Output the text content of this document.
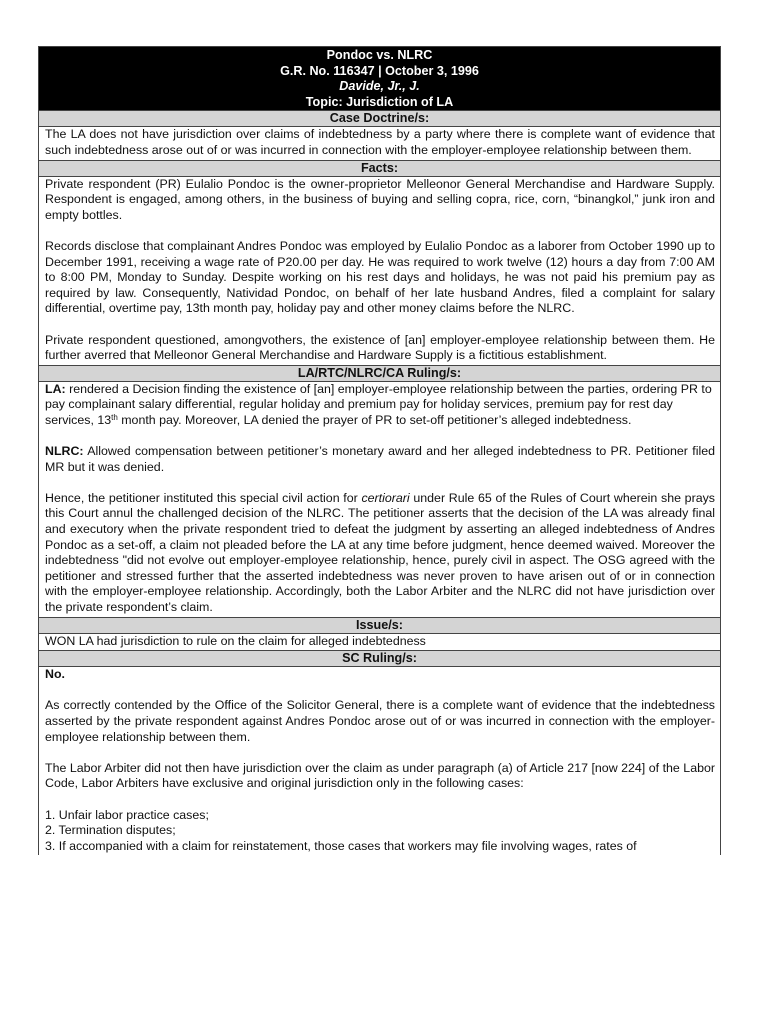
Pondoc vs. NLRC
G.R. No. 116347 | October 3, 1996
Davide, Jr., J.
Topic: Jurisdiction of LA
Case Doctrine/s:

The LA does not have jurisdiction over claims of indebtedness by a party where there is complete want of evidence that such indebtedness arose out of or was incurred in connection with the employer-employee relationship between them.

Facts:

Private respondent (PR) Eulalio Pondoc is the owner-proprietor Melleonor General Merchandise and Hardware Supply. Respondent is engaged, among others, in the business of buying and selling copra, rice, corn, “binangkol,” junk iron and empty bottles.

Records disclose that complainant Andres Pondoc was employed by Eulalio Pondoc as a laborer from October 1990 up to December 1991, receiving a wage rate of P20.00 per day. He was required to work twelve (12) hours a day from 7:00 AM to 8:00 PM, Monday to Sunday. Despite working on his rest days and holidays, he was not paid his premium pay as required by law. Consequently, Natividad Pondoc, on behalf of her late husband Andres, filed a complaint for salary differential, overtime pay, 13th month pay, holiday pay and other money claims before the NLRC.

Private respondent questioned, amongvothers, the existence of [an] employer-employee relationship between them. He further averred that Melleonor General Merchandise and Hardware Supply is a fictitious establishment.

LA/RTC/NLRC/CA Ruling/s:

LA: rendered a Decision finding the existence of [an] employer-employee relationship between the parties, ordering PR to pay complainant salary differential, regular holiday and premium pay for holiday services, premium pay for rest day services, 13th month pay. Moreover, LA denied the prayer of PR to set-off petitioner’s alleged indebtedness.

NLRC: Allowed compensation between petitioner’s monetary award and her alleged indebtedness to PR. Petitioner filed MR but it was denied.

Hence, the petitioner instituted this special civil action for certiorari under Rule 65 of the Rules of Court wherein she prays this Court annul the challenged decision of the NLRC. The petitioner asserts that the decision of the LA was already final and executory when the private respondent tried to defeat the judgment by asserting an alleged indebtedness of Andres Pondoc as a set-off, a claim not pleaded before the LA at any time before judgment, hence deemed waived. Moreover the indebtedness "did not evolve out employer-employee relationship, hence, purely civil in aspect. The OSG agreed with the petitioner and stressed further that the asserted indebtedness was never proven to have arisen out of or in connection with the employer-employee relationship. Accordingly, both the Labor Arbiter and the NLRC did not have jurisdiction over the private respondent’s claim.

Issue/s:

WON LA had jurisdiction to rule on the claim for alleged indebtedness

SC Ruling/s:

No.

As correctly contended by the Office of the Solicitor General, there is a complete want of evidence that the indebtedness asserted by the private respondent against Andres Pondoc arose out of or was incurred in connection with the employer-employee relationship between them.

The Labor Arbiter did not then have jurisdiction over the claim as under paragraph (a) of Article 217 [now 224] of the Labor Code, Labor Arbiters have exclusive and original jurisdiction only in the following cases:

1. Unfair labor practice cases;
2. Termination disputes;
3. If accompanied with a claim for reinstatement, those cases that workers may file involving wages, rates of
